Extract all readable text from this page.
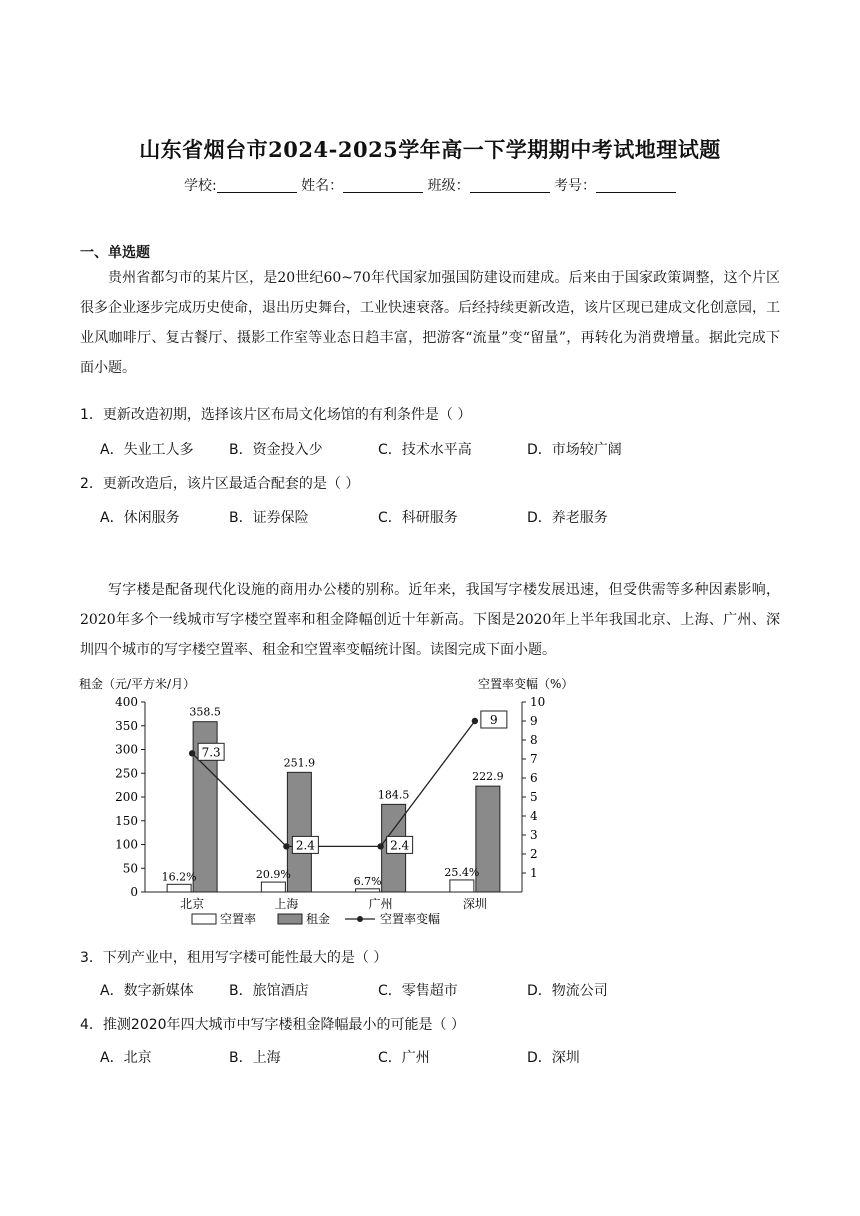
山东省烟台市2024-2025学年高一下学期期中考试地理试题
学校:	姓名：	班级：	考号：
一、单选题
贵州省都匀市的某片区，是20世纪60~70年代国家加强国防建设而建成。后来由于国家政策调整，这个片区很多企业逐步完成历史使命，退出历史舞台，工业快速衰落。后经持续更新改造，该片区现已建成文化创意园，工业风咖啡厅、复古餐厅、摄影工作室等业态日趋丰富，把游客“流量”变“留量”，再转化为消费增量。据此完成下面小题。
1．更新改造初期，选择该片区布局文化场馆的有利条件是（ ）
A．失业工人多	B．资金投入少	C．技术水平高	D．市场较广阔
2．更新改造后，该片区最适合配套的是（ ）
A．休闲服务	B．证券保险	C．科研服务	D．养老服务
写字楼是配备现代化设施的商用办公楼的别称。近年来，我国写字楼发展迅速，但受供需等多种因素影响，2020年多个一线城市写字楼空置率和租金降幅创近十年新高。下图是2020年上半年我国北京、上海、广州、深圳四个城市的写字楼空置率、租金和空置率变幅统计图。读图完成下面小题。
租金（元/平方米/月）	空置率变幅（%）
0
50
100
150
200
250
300
350
400
1
2
3
4
5
6
7
8
9
10
北京	上海	广州	深圳
7.3
2.4	2.4
9
16.2%
358.5
20.9%
251.9
6.7%
184.5
25.4%
222.9
空置率	租金	空置率变幅
3．下列产业中，租用写字楼可能性最大的是（ ）
A．数字新媒体	B．旅馆酒店	C．零售超市	D．物流公司
4．推测2020年四大城市中写字楼租金降幅最小的可能是（ ）
A．北京	B．上海	C．广州	D．深圳
